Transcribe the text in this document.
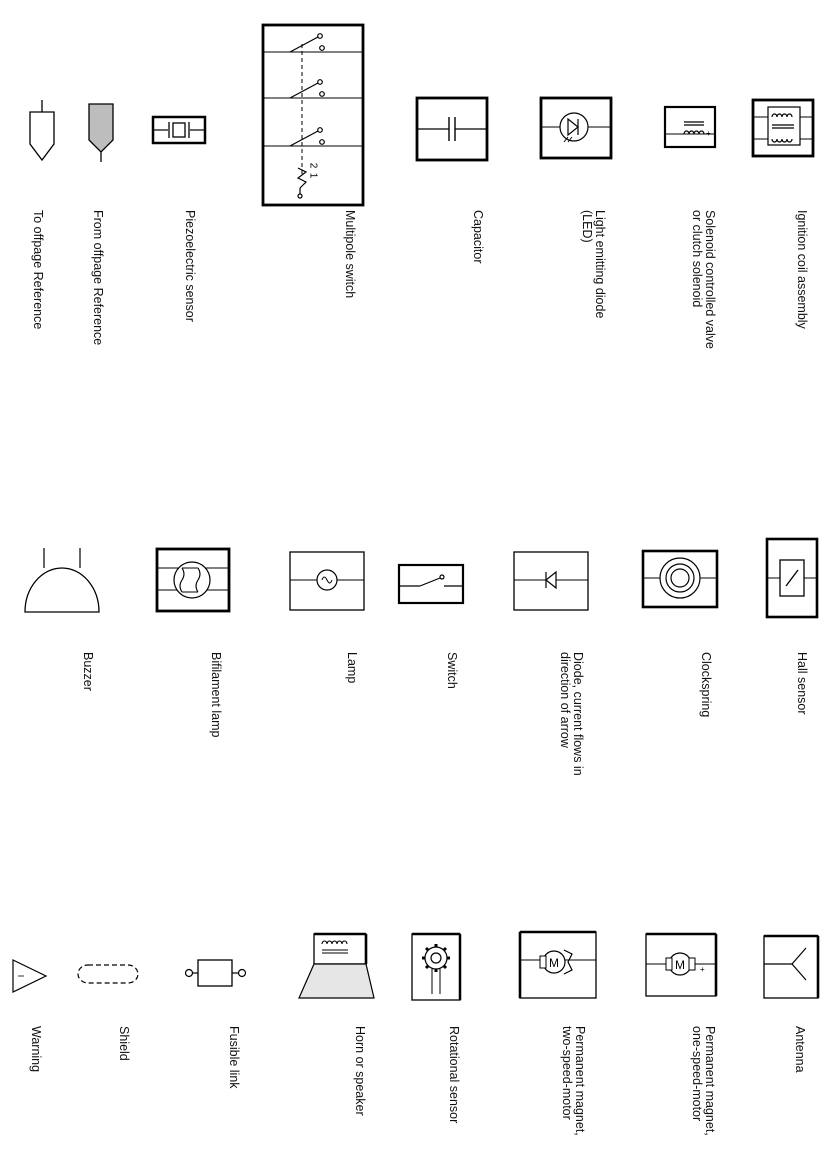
2
1
+
M	+
M
To offpage Reference	From offpage Reference	Piezoelectric sensor	Multipole switch	Capacitor	Light emitting diode
(LED)	Solenoid controlled valve
or clutch solenoid	Ignition coil assembly
Buzzer	Bifilament lamp	Lamp	Switch	Diode, current flows in
direction of arrow	Clockspring	Hall sensor
Warning	Shield	Fusible link	Horn or speaker	Rotational sensor	Permanent magnet,
two-speed-motor	Permanent magnet,
one-speed-motor	Antenna
